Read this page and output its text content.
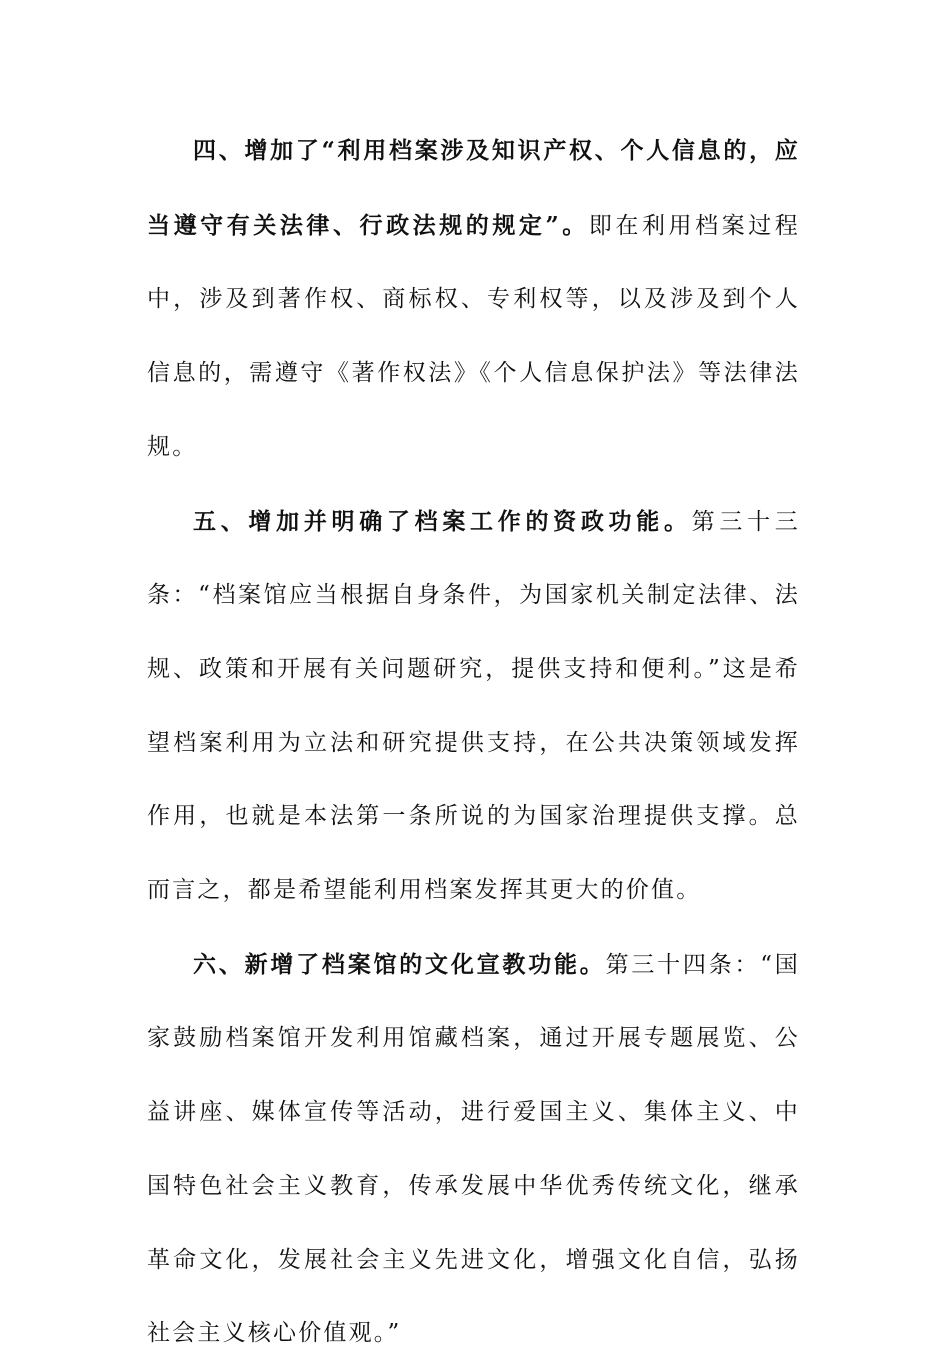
四、增加了“利用档案涉及知识产权、个人信息的，应当遵守有关法律、行政法规的规定”。即在利用档案过程中，涉及到著作权、商标权、专利权等，以及涉及到个人信息的，需遵守《著作权法》《个人信息保护法》等法律法规。

五、增加并明确了档案工作的资政功能。第三十三条：“档案馆应当根据自身条件，为国家机关制定法律、法规、政策和开展有关问题研究，提供支持和便利。”这是希望档案利用为立法和研究提供支持，在公共决策领域发挥作用，也就是本法第一条所说的为国家治理提供支撑。总而言之，都是希望能利用档案发挥其更大的价值。

六、新增了档案馆的文化宣教功能。第三十四条：“国家鼓励档案馆开发利用馆藏档案，通过开展专题展览、公益讲座、媒体宣传等活动，进行爱国主义、集体主义、中国特色社会主义教育，传承发展中华优秀传统文化，继承革命文化，发展社会主义先进文化，增强文化自信，弘扬社会主义核心价值观。”
